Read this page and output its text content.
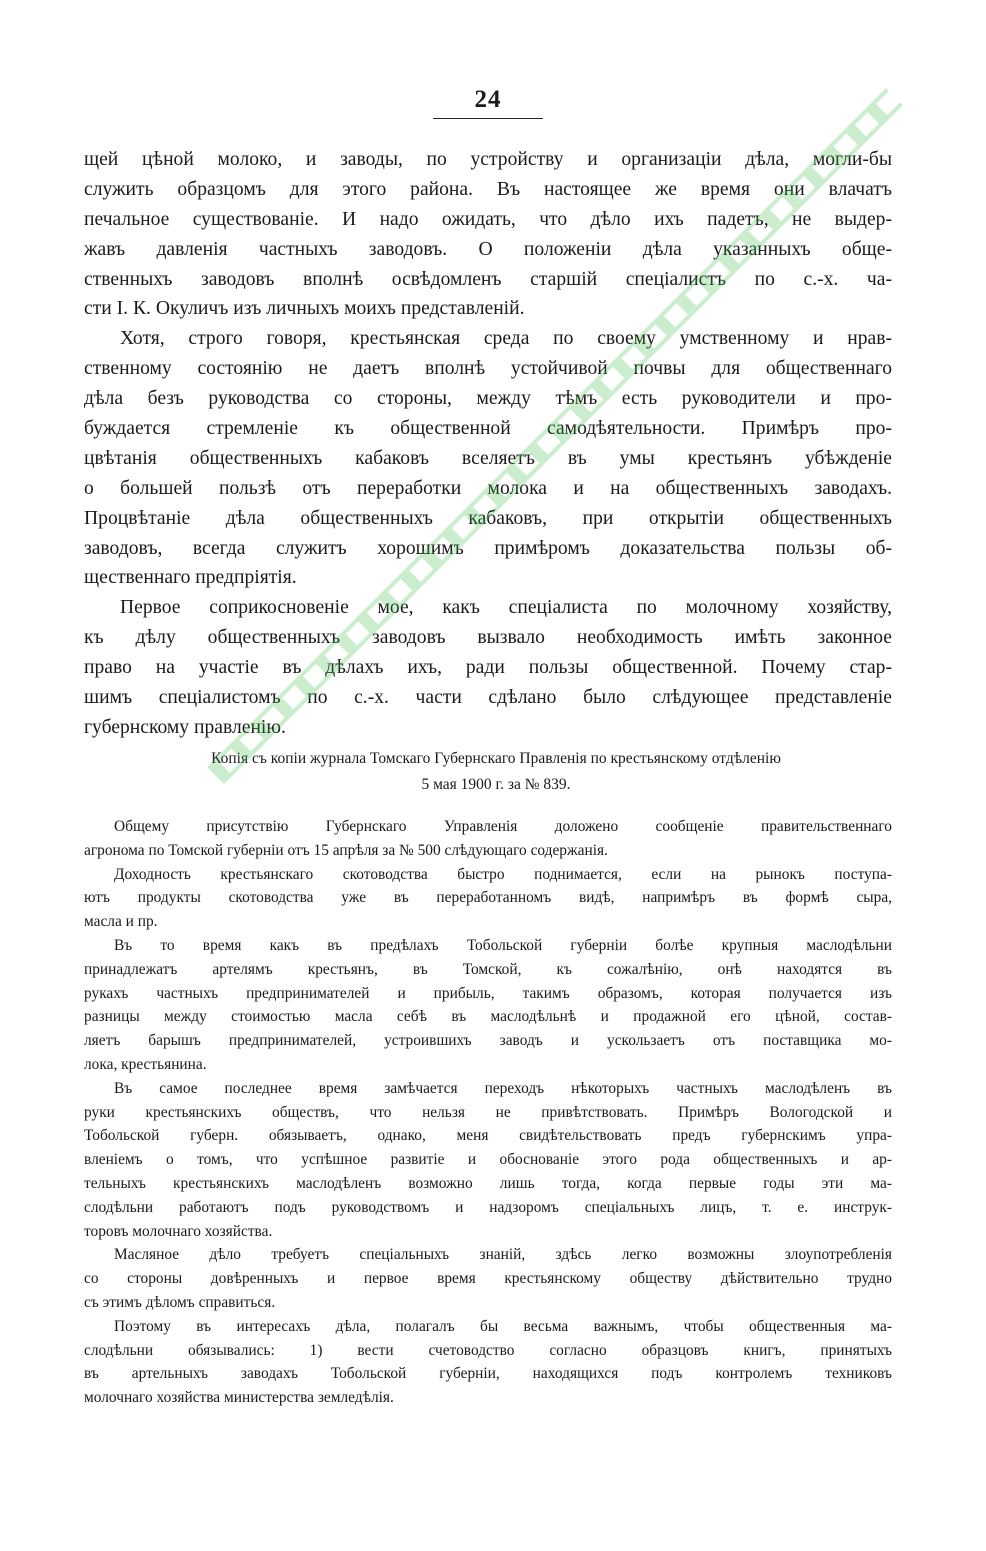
24
щей цѣной молоко, и заводы, по устройству и организаціи дѣла, могли-бы
служить образцомъ для этого района. Въ настоящее же время они влачатъ
печальное существованіе. И надо ожидать, что дѣло ихъ падетъ, не выдер-
жавъ давленія частныхъ заводовъ. О положеніи дѣла указанныхъ обще-
ственныхъ заводовъ вполнѣ освѣдомленъ старшій спеціалистъ по с.-х. ча-
сти I. К. Окуличъ изъ личныхъ моихъ представленій.
Хотя, строго говоря, крестьянская среда по своему умственному и нрав-
ственному состоянію не даетъ вполнѣ устойчивой почвы для общественнаго
дѣла безъ руководства со стороны, между тѣмъ есть руководители и про-
буждается стремленіе къ общественной самодѣятельности. Примѣръ про-
цвѣтанія общественныхъ кабаковъ вселяетъ въ умы крестьянъ убѣжденіе
о большей пользѣ отъ переработки молока и на общественныхъ заводахъ.
Процвѣтаніе дѣла общественныхъ кабаковъ, при открытіи общественныхъ
заводовъ, всегда служитъ хорошимъ примѣромъ доказательства пользы об-
щественнаго предпріятія.
Первое соприкосновеніе мое, какъ спеціалиста по молочному хозяйству,
къ дѣлу общественныхъ заводовъ вызвало необходимость имѣть законное
право на участіе въ дѣлахъ ихъ, ради пользы общественной. Почему стар-
шимъ спеціалистомъ по с.-х. части сдѣлано было слѣдующее представленіе
губернскому правленію.
Копія съ копіи журнала Томскаго Губернскаго Правленія по крестьянскому отдѣленію
5 мая 1900 г. за № 839.
Общему присутствію Губернскаго Управленія доложено сообщеніе правительственнаго
агронома по Томской губерніи отъ 15 апрѣля за № 500 слѣдующаго содержанія.
Доходность крестьянскаго скотоводства быстро поднимается, если на рынокъ поступа-
ютъ продукты скотоводства уже въ переработанномъ видѣ, напримѣръ въ формѣ сыра,
масла и пр.
Въ то время какъ въ предѣлахъ Тобольской губерніи болѣе крупныя маслодѣльни
принадлежатъ артелямъ крестьянъ, въ Томской, къ сожалѣнію, онѣ находятся въ
рукахъ частныхъ предпринимателей и прибыль, такимъ образомъ, которая получается изъ
разницы между стоимостью масла себѣ въ маслодѣльнѣ и продажной его цѣной, состав-
ляетъ барышъ предпринимателей, устроившихъ заводъ и ускользаетъ отъ поставщика мо-
лока, крестьянина.
Въ самое последнее время замѣчается переходъ нѣкоторыхъ частныхъ маслодѣленъ въ
руки крестьянскихъ обществъ, что нельзя не привѣтствовать. Примѣръ Вологодской и
Тобольской губерн. обязываетъ, однако, меня свидѣтельствовать предъ губернскимъ упра-
вленіемъ о томъ, что успѣшное развитіе и обоснованіе этого рода общественныхъ и ар-
тельныхъ крестьянскихъ маслодѣленъ возможно лишь тогда, когда первые годы эти ма-
слодѣльни работаютъ подъ руководствомъ и надзоромъ спеціальныхъ лицъ, т. е. инструк-
торовъ молочнаго хозяйства.
Масляное дѣло требуетъ спеціальныхъ знаній, здѣсь легко возможны злоупотребленія
со стороны довѣренныхъ и первое время крестьянскому обществу дѣйствительно трудно
съ этимъ дѣломъ справиться.
Поэтому въ интересахъ дѣла, полагалъ бы весьма важнымъ, чтобы общественныя ма-
слодѣльни обязывались: 1) вести счетоводство согласно образцовъ книгъ, принятыхъ
въ артельныхъ заводахъ Тобольской губерніи, находящихся подъ контролемъ техниковъ
молочнаго хозяйства министерства земледѣлія.
